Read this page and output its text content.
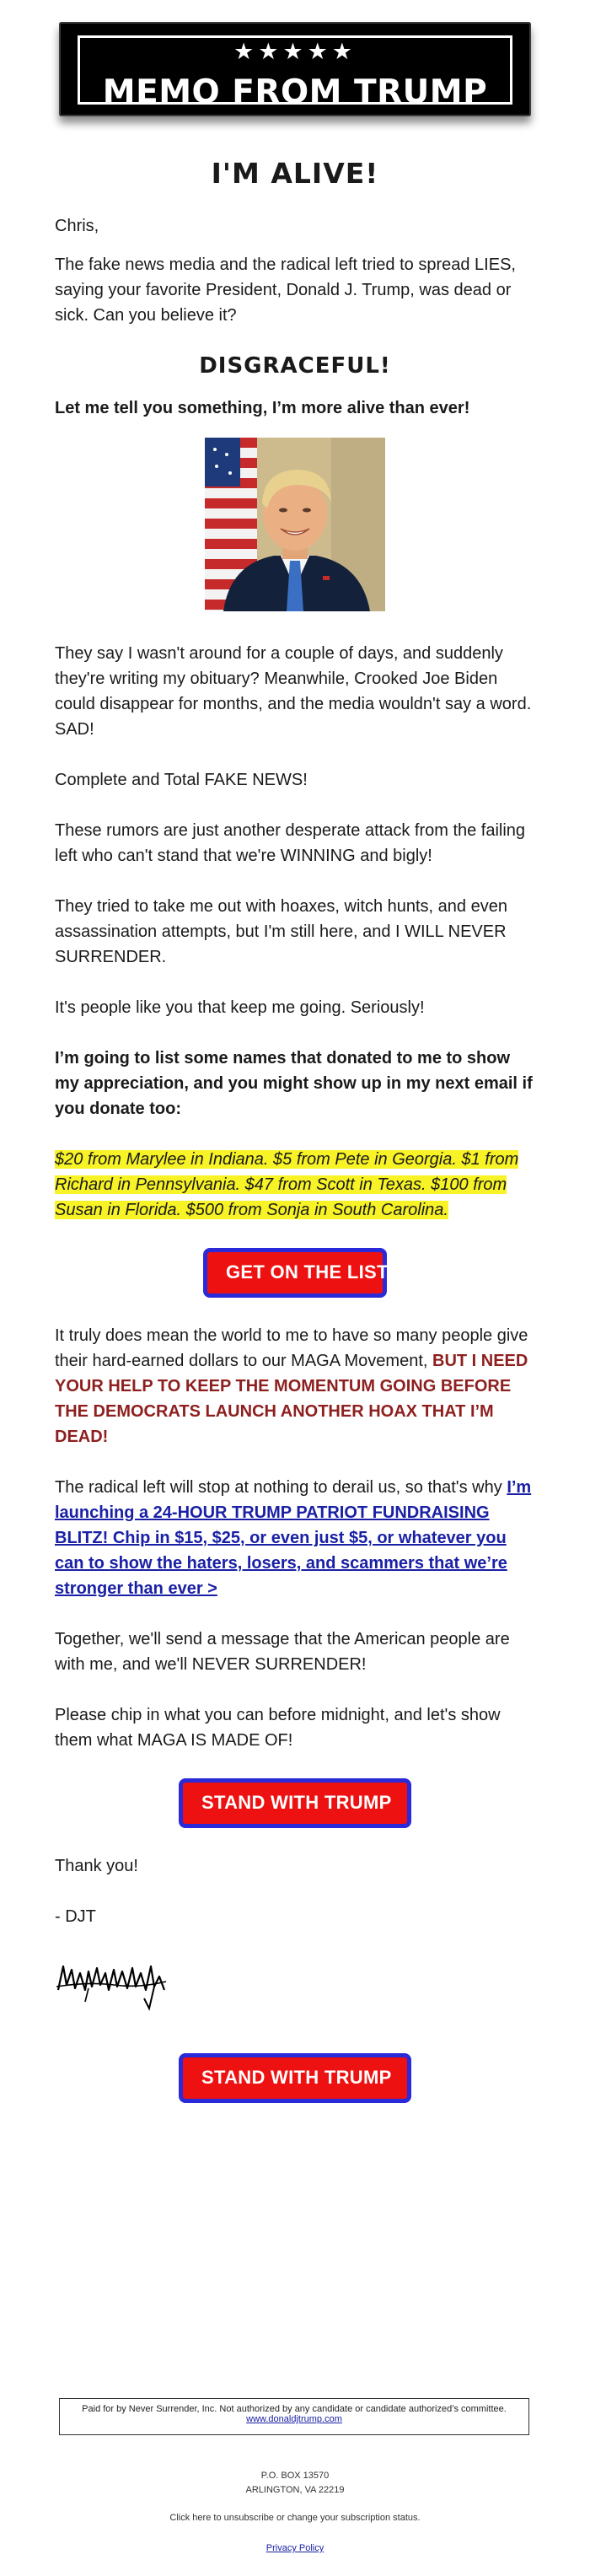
★★★★★
MEMO FROM TRUMP
I'M ALIVE!

Chris,

The fake news media and the radical left tried to spread LIES, saying your favorite President, Donald J. Trump, was dead or sick. Can you believe it?

DISGRACEFUL!

Let me tell you something, I’m more alive than ever!

They say I wasn't around for a couple of days, and suddenly they're writing my obituary? Meanwhile, Crooked Joe Biden could disappear for months, and the media wouldn't say a word. SAD!

Complete and Total FAKE NEWS!

These rumors are just another desperate attack from the failing left who can't stand that we're WINNING and bigly!

They tried to take me out with hoaxes, witch hunts, and even assassination attempts, but I'm still here, and I WILL NEVER SURRENDER.

It's people like you that keep me going. Seriously!

I’m going to list some names that donated to me to show my appreciation, and you might show up in my next email if you donate too:

$20 from Marylee in Indiana. $5 from Pete in Georgia. $1 from Richard in Pennsylvania. $47 from Scott in Texas. $100 from Susan in Florida. $500 from Sonja in South Carolina.

GET ON THE LIST

It truly does mean the world to me to have so many people give their hard-earned dollars to our MAGA Movement, BUT I NEED YOUR HELP TO KEEP THE MOMENTUM GOING BEFORE THE DEMOCRATS LAUNCH ANOTHER HOAX THAT I’M DEAD!

The radical left will stop at nothing to derail us, so that's why I’m launching a 24-HOUR TRUMP PATRIOT FUNDRAISING BLITZ! Chip in $15, $25, or even just $5, or whatever you can to show the haters, losers, and scammers that we’re stronger than ever >

Together, we'll send a message that the American people are with me, and we'll NEVER SURRENDER!

Please chip in what you can before midnight, and let's show them what MAGA IS MADE OF!

STAND WITH TRUMP

Thank you!

- DJT

STAND WITH TRUMP
Paid for by Never Surrender, Inc. Not authorized by any candidate or candidate authorized’s committee.
www.donaldjtrump.com
P.O. BOX 13570
ARLINGTON, VA 22219
Click here to unsubscribe or change your subscription status.
Privacy Policy
